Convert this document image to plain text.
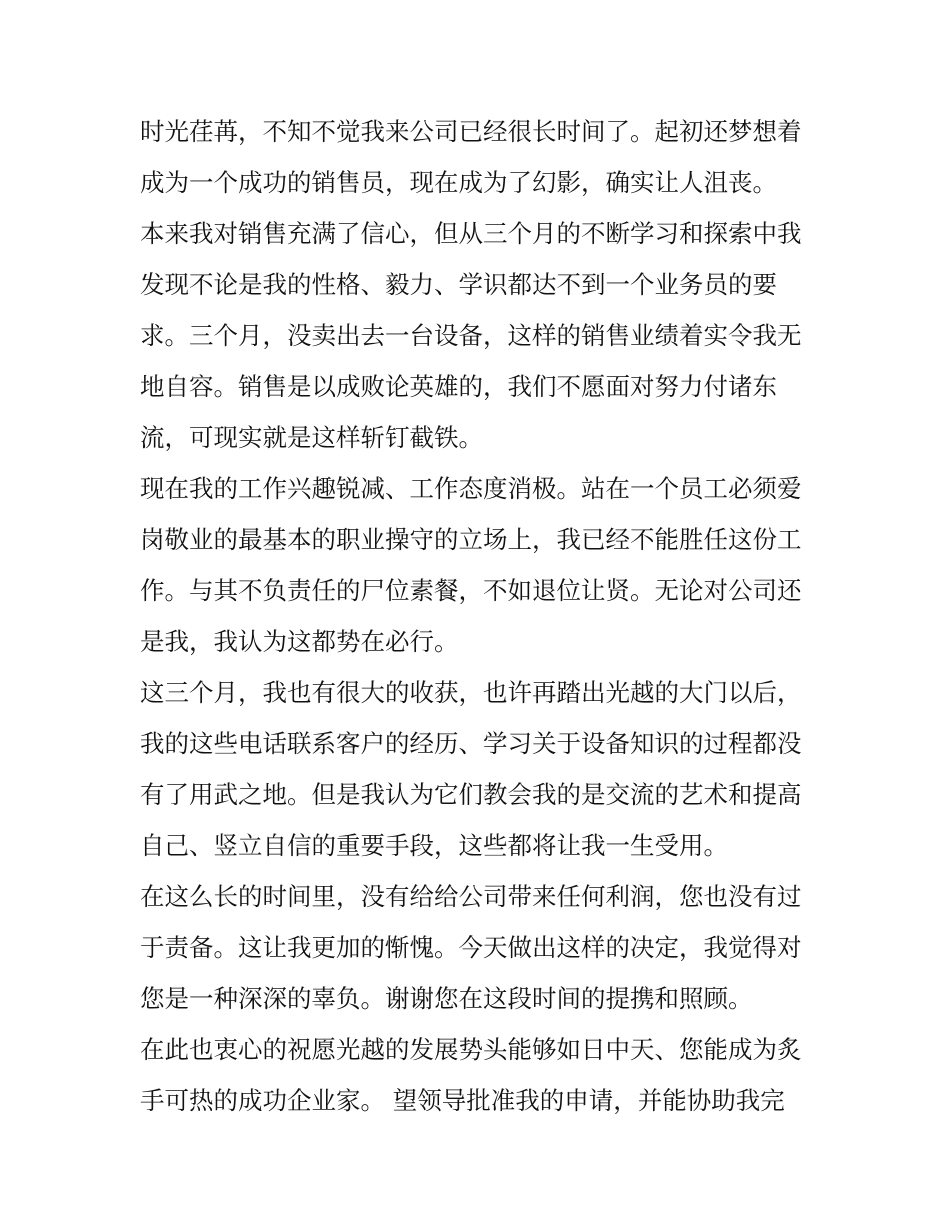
时光荏苒，不知不觉我来公司已经很长时间了。起初还梦想着
成为一个成功的销售员，现在成为了幻影，确实让人沮丧。
本来我对销售充满了信心，但从三个月的不断学习和探索中我
发现不论是我的性格、毅力、学识都达不到一个业务员的要
求。三个月，没卖出去一台设备，这样的销售业绩着实令我无
地自容。销售是以成败论英雄的，我们不愿面对努力付诸东
流，可现实就是这样斩钉截铁。
现在我的工作兴趣锐减、工作态度消极。站在一个员工必须爱
岗敬业的最基本的职业操守的立场上，我已经不能胜任这份工
作。与其不负责任的尸位素餐，不如退位让贤。无论对公司还
是我，我认为这都势在必行。
这三个月，我也有很大的收获，也许再踏出光越的大门以后，
我的这些电话联系客户的经历、学习关于设备知识的过程都没
有了用武之地。但是我认为它们教会我的是交流的艺术和提高
自己、竖立自信的重要手段，这些都将让我一生受用。
在这么长的时间里，没有给给公司带来任何利润，您也没有过
于责备。这让我更加的惭愧。今天做出这样的决定，我觉得对
您是一种深深的辜负。谢谢您在这段时间的提携和照顾。
在此也衷心的祝愿光越的发展势头能够如日中天、您能成为炙
手可热的成功企业家。 望领导批准我的申请，并能协助我完
